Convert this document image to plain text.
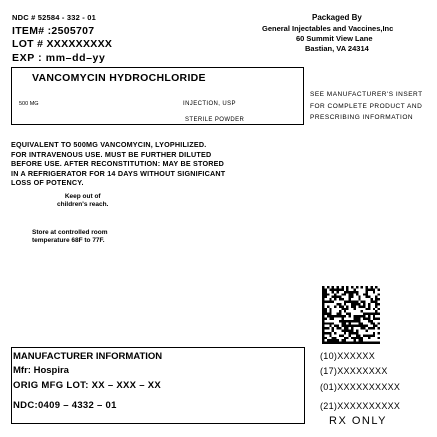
NDC # 52584 - 332 - 01
ITEM# :2505707
LOT # XXXXXXXXX
EXP : mm–dd–yy
Packaged By
General Injectables and Vaccines,Inc
60 Summit View Lane
Bastian, VA 24314
VANCOMYCIN HYDROCHLORIDE
500 MG	INJECTION, USP
STERILE POWDER
SEE MANUFACTURER'S INSERT
FOR COMPLETE PRODUCT AND
PRESCRIBING INFORMATION
EQUIVALENT TO 500MG VANCOMYCIN, LYOPHILIZED.
FOR INTRAVENOUS USE. MUST BE FURTHER DILUTED
BEFORE USE. AFTER RECONSTITUTION: MAY BE STORED
IN A REFRIGERATOR FOR 14 DAYS WITHOUT SIGNIFICANT
LOSS OF POTENCY.
Keep out of
children's reach.
Store at controlled room
temperature 68F to 77F.
MANUFACTURER INFORMATION
Mfr: Hospira
ORIG MFG LOT: XX – XXX – XX
NDC:0409 – 4332 – 01
(10)XXXXXX
(17)XXXXXXXX
(01)XXXXXXXXXX
(21)XXXXXXXXXX
RX ONLY
